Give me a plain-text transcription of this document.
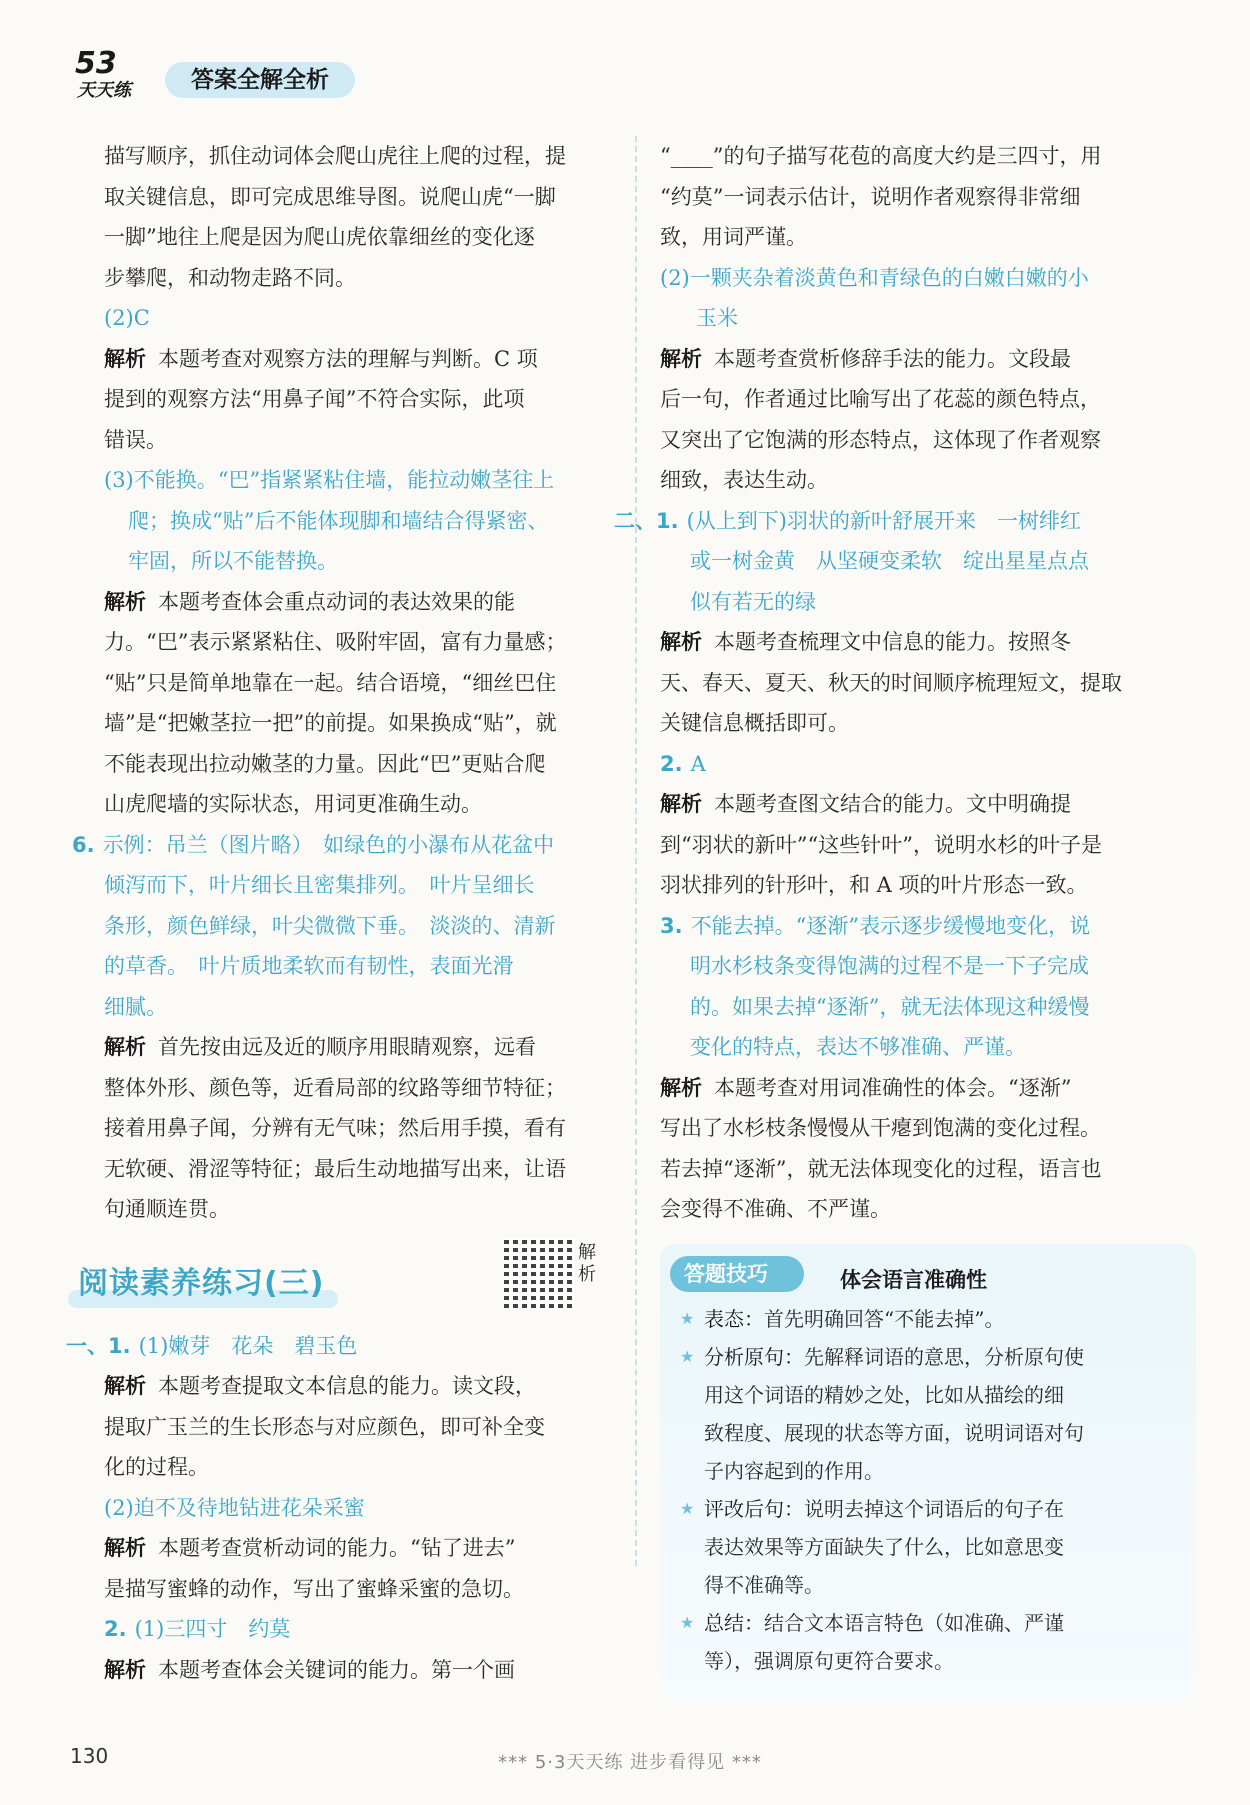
53
天天练	答案全解全析

描写顺序，抓住动词体会爬山虎往上爬的过程，提

取关键信息，即可完成思维导图。说爬山虎“一脚

一脚”地往上爬是因为爬山虎依靠细丝的变化逐

步攀爬，和动物走路不同。

(2)C

解析 本题考查对观察方法的理解与判断。C 项

提到的观察方法“用鼻子闻”不符合实际，此项

错误。

(3)不能换。“巴”指紧紧粘住墙，能拉动嫩茎往上

爬；换成“贴”后不能体现脚和墙结合得紧密、

牢固，所以不能替换。

解析 本题考查体会重点动词的表达效果的能

力。“巴”表示紧紧粘住、吸附牢固，富有力量感；

“贴”只是简单地靠在一起。结合语境，“细丝巴住

墙”是“把嫩茎拉一把”的前提。如果换成“贴”，就

不能表现出拉动嫩茎的力量。因此“巴”更贴合爬

山虎爬墙的实际状态，用词更准确生动。

6. 示例：吊兰（图片略）　如绿色的小瀑布从花盆中

倾泻而下，叶片细长且密集排列。　叶片呈细长

条形，颜色鲜绿，叶尖微微下垂。　淡淡的、清新

的草香。　叶片质地柔软而有韧性，表面光滑

细腻。

解析 首先按由远及近的顺序用眼睛观察，远看

整体外形、颜色等，近看局部的纹路等细节特征；

接着用鼻子闻，分辨有无气味；然后用手摸，看有

无软硬、滑涩等特征；最后生动地描写出来，让语

句通顺连贯。

阅读素养练习(三)
解析

一、1. (1)嫩芽　花朵　碧玉色

解析 本题考查提取文本信息的能力。读文段，

提取广玉兰的生长形态与对应颜色，即可补全变

化的过程。

(2)迫不及待地钻进花朵采蜜

解析 本题考查赏析动词的能力。“钻了进去”

是描写蜜蜂的动作，写出了蜜蜂采蜜的急切。

2. (1)三四寸　约莫

解析 本题考查体会关键词的能力。第一个画

“____”的句子描写花苞的高度大约是三四寸，用

“约莫”一词表示估计，说明作者观察得非常细

致，用词严谨。

(2)一颗夹杂着淡黄色和青绿色的白嫩白嫩的小

玉米

解析 本题考查赏析修辞手法的能力。文段最

后一句，作者通过比喻写出了花蕊的颜色特点，

又突出了它饱满的形态特点，这体现了作者观察

细致，表达生动。

二、1. (从上到下)羽状的新叶舒展开来　一树绯红

或一树金黄　从坚硬变柔软　绽出星星点点

似有若无的绿

解析 本题考查梳理文中信息的能力。按照冬

天、春天、夏天、秋天的时间顺序梳理短文，提取

关键信息概括即可。

2. A

解析 本题考查图文结合的能力。文中明确提

到“羽状的新叶”“这些针叶”，说明水杉的叶子是

羽状排列的针形叶，和 A 项的叶片形态一致。

3. 不能去掉。“逐渐”表示逐步缓慢地变化，说

明水杉枝条变得饱满的过程不是一下子完成

的。如果去掉“逐渐”，就无法体现这种缓慢

变化的特点，表达不够准确、严谨。

解析 本题考查对用词准确性的体会。“逐渐”

写出了水杉枝条慢慢从干瘪到饱满的变化过程。

若去掉“逐渐”，就无法体现变化的过程，语言也

会变得不准确、不严谨。

答题技巧	体会语言准确性
★ 表态：首先明确回答“不能去掉”。
★ 分析原句：先解释词语的意思，分析原句使
用这个词语的精妙之处，比如从描绘的细
致程度、展现的状态等方面，说明词语对句
子内容起到的作用。
★ 评改后句：说明去掉这个词语后的句子在
表达效果等方面缺失了什么，比如意思变
得不准确等。
★ 总结：结合文本语言特色（如准确、严谨
等），强调原句更符合要求。
130	*** 5·3天天练 进步看得见 ***
